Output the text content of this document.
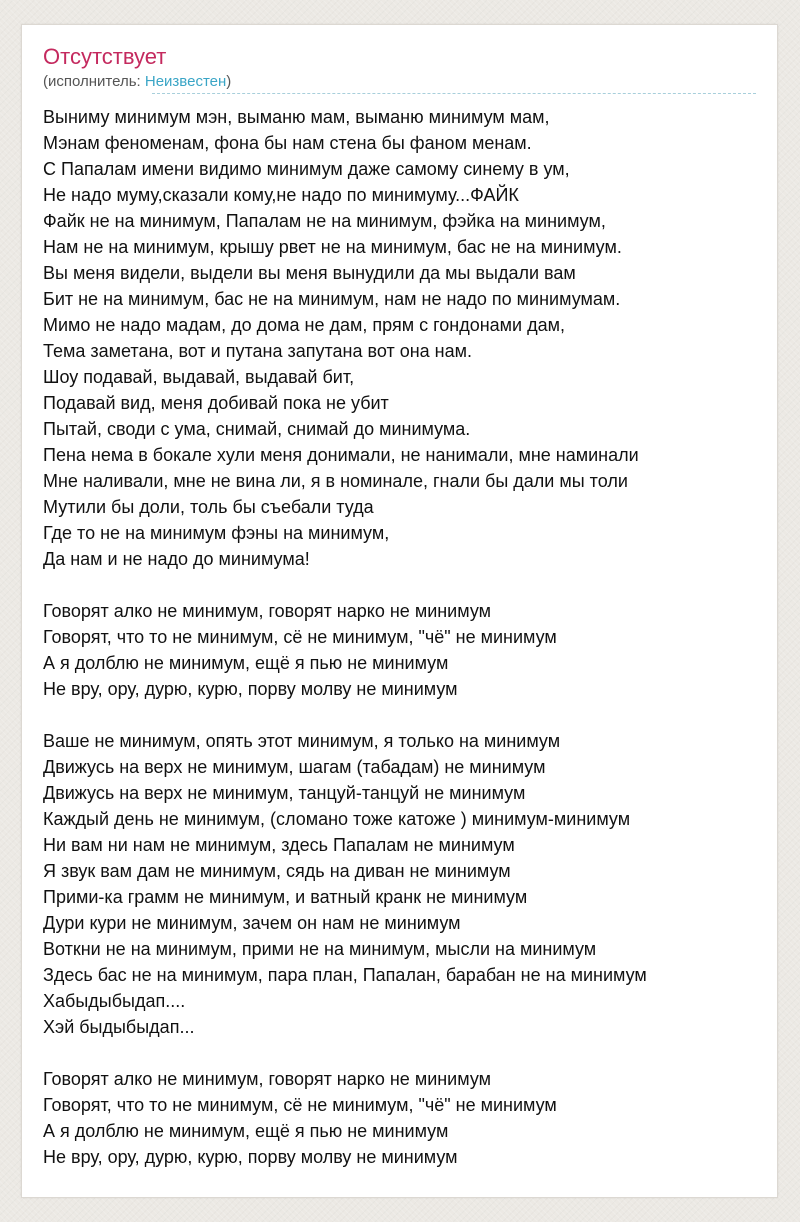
Отсутствует
(исполнитель: Неизвестен)
Выниму минимум мэн, выманю мам, выманю минимум мам,
Мэнам феноменам, фона бы нам стена бы фаном менам.
С Папалам имени видимо минимум даже самому синему в ум,
Не надо муму,сказали кому,не надо по минимуму...ФАЙК
Файк не на минимум, Папалам не на минимум, фэйка на минимум,
Нам не на минимум, крышу рвет не на минимум, бас не на минимум.
Вы меня видели, выдели вы меня вынудили да мы выдали вам
Бит не на минимум, бас не на минимум, нам не надо по минимумам.
Мимо не надо мадам, до дома не дам, прям с гондонами дам,
Тема заметана, вот и путана запутана вот она нам.
Шоу подавай, выдавай, выдавай бит,
Подавай вид, меня добивай пока не убит
Пытай, своди с ума, снимай, снимай до минимума.
Пена нема в бокале хули меня донимали, не нанимали, мне наминали
Мне наливали, мне не вина ли, я в номинале, гнали бы дали мы толи
Мутили бы доли, толь бы съебали туда
Где то не на минимум фэны на минимум,
Да нам и не надо до минимума!
Говорят алко не минимум, говорят нарко не минимум
Говорят, что то не минимум, сё не минимум, "чё" не минимум
А я долблю не минимум, ещё я пью не минимум
Не вру, ору, дурю, курю, порву молву не минимум
Ваше не минимум, опять этот минимум, я только на минимум
Движусь на верх не минимум, шагам (табадам) не минимум
Движусь на верх не минимум, танцуй-танцуй не минимум
Каждый день не минимум, (сломано тоже катоже ) минимум-минимум
Ни вам ни нам не минимум, здесь Папалам не минимум
Я звук вам дам не минимум, сядь на диван не минимум
Прими-ка грамм не минимум, и ватный кранк не минимум
Дури кури не минимум, зачем он нам не минимум
Воткни не на минимум, прими не на минимум, мысли на минимум
Здесь бас не на минимум, пара план, Папалан, барабан не на минимум
Хабыдыбыдап....
Хэй быдыбыдап...
Говорят алко не минимум, говорят нарко не минимум
Говорят, что то не минимум, сё не минимум, "чё" не минимум
А я долблю не минимум, ещё я пью не минимум
Не вру, ору, дурю, курю, порву молву не минимум
